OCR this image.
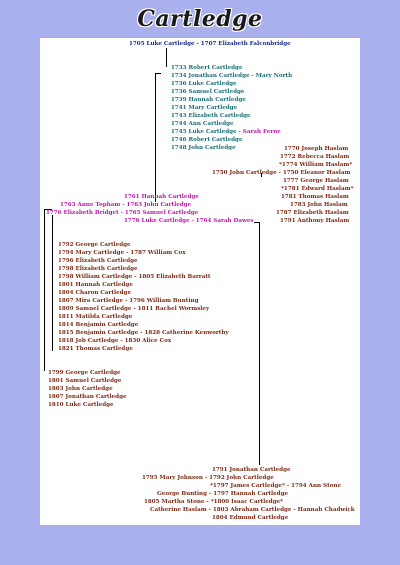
Cartledge
1705 Luke Cartledge - 1707 Elizabeth Falconbridge
1733 Robert Cartledge
1734 Jonathan Cartledge - Mary North
1736 Luke Cartledge
1736 Samuel Cartledge
1739 Hannah Cartledge
1741 Mary Cartledge
1743 Elizabeth Cartledge
1744 Ann Cartledge
1745 Luke Cartledge - Sarah Ferne
1746 Robert Cartledge
1748 John Cartledge	1770 Joseph Haslam
1772 Rebecca Haslam
*1774 William Haslam*
1750 John Cartledge - 1750 Eleanor Haslam
1777 George Haslam
*1781 Edward Haslam*
1781 Thomas Haslam
1783 John Haslam
1787 Elizabeth Haslam
1791 Anthony Haslam
1761 Hannah Cartledge
1763 Anne Topham - 1763 John Cartledge
1776 Elizabeth Bridget - 1765 Samuel Cartledge
1776 Luke Cartledge - 1764 Sarah Dawes
1792 George Cartledge
1794 Mary Cartledge - 1787 William Cox
1796 Elizabeth Cartledge
1798 Elizabeth Cartledge
1798 William Cartledge - 1805 Elizabeth Barratt
1801 Hannah Cartledge
1804 Charon Cartledge
1807 Mira Cartledge - 1796 William Bunting
1809 Samuel Cartledge - 1811 Rachel Wormsley
1811 Matilda Cartledge
1814 Benjamin Cartledge
1815 Benjamin Cartledge - 1828 Catherine Kenworthy
1818 Job Cartledge - 1830 Alice Cox
1821 Thomas Cartledge
1799 George Cartledge
1801 Samuel Cartledge
1803 John Cartledge
1807 Jonathan Cartledge
1810 Luke Cartledge
1791 Jonathan Cartledge
1795 Mary Johnson - 1792 John Cartledge
*1797 James Cartledge* - 1794 Ann Stone
George Bunting - 1797 Hannah Cartledge
1805 Martha Stone - *1800 Isaac Cartledge*
Catherine Haslam - 1803 Abraham Cartledge - Hannah Chadwick
1804 Edmund Cartledge
